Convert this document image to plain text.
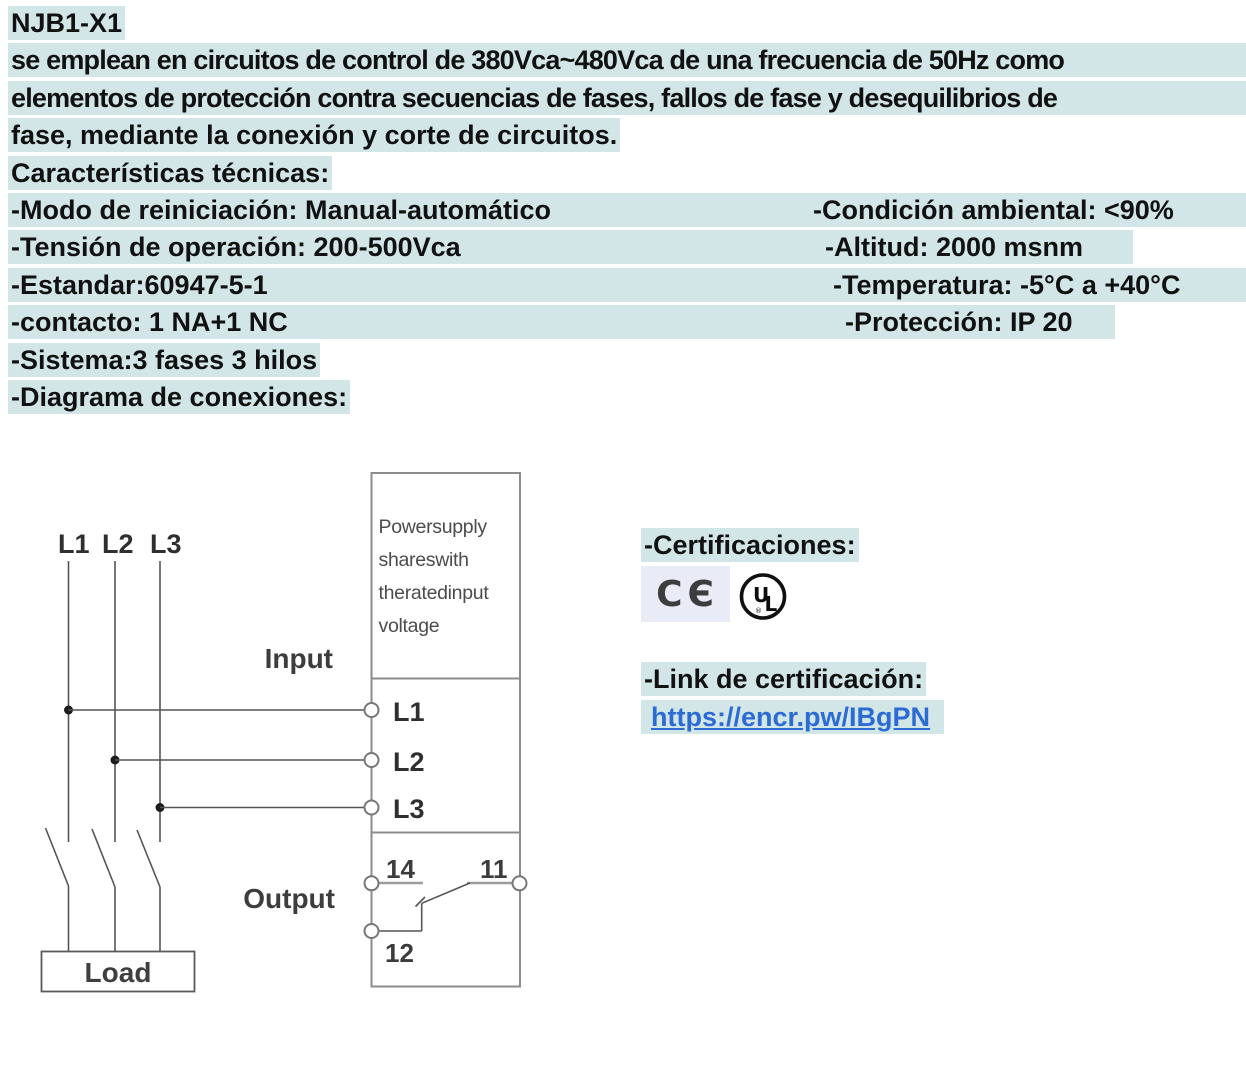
NJB1-X1
se emplean en circuitos de control de 380Vca~480Vca de una frecuencia de 50Hz como
elementos de protección contra secuencias de fases, fallos de fase y desequilibrios de
fase, mediante la conexión y corte de circuitos.
Características técnicas:
-Modo de reiniciación: Manual-automático	-Condición ambiental: <90%
-Tensión de operación: 200-500Vca	-Altitud: 2000 msnm
-Estandar:60947-5-1	-Temperatura: -5°C a +40°C
-contacto: 1 NA+1 NC	-Protección: IP 20
-Sistema:3 fases 3 hilos
-Diagrama de conexiones:
L1 L2 L3
Load
Powersupply
shareswith
theratedinput
voltage
Input
Output
L1
L2
L3
14	11
12
-Certificaciones:
CЄ U
L
®
-Link de certificación:
https://encr.pw/IBgPN
